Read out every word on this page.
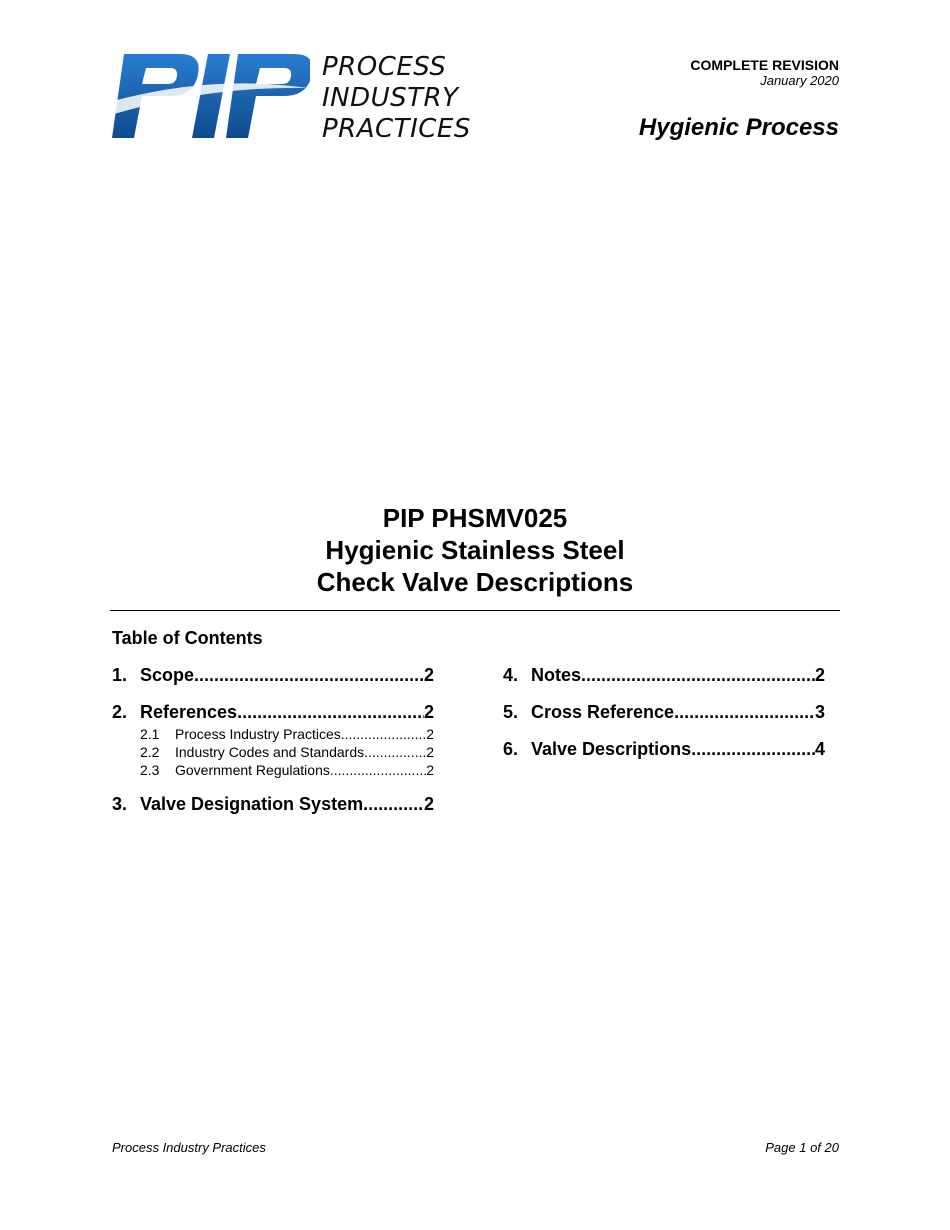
PROCESS
INDUSTRY
PRACTICES
COMPLETE REVISION
January 2020
Hygienic Process
PIP PHSMV025
Hygienic Stainless Steel
Check Valve Descriptions
Table of Contents
1. Scope .....	2
2. References .....	2
2.1	Process Industry Practices .....	2
2.2	Industry Codes and Standards .....	2
2.3	Government Regulations .....	2
3. Valve Designation System .....	2
4. Notes .....	2
5. Cross Reference .....	3
6. Valve Descriptions .....	4
Process Industry Practices	Page 1 of 20
